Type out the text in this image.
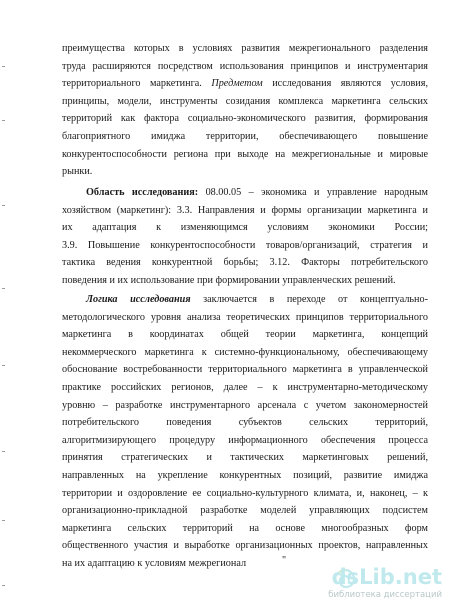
преимущества которых в условиях развития межрегионального разделения
труда расширяются посредством использования принципов и инструментария
территориального маркетинга. Предметом исследования являются условия,
принципы, модели, инструменты созидания комплекса маркетинга сельских
территорий как фактора социально-экономического развития, формирования
благоприятного имиджа территории, обеспечивающего повышение
конкурентоспособности региона при выходе на межрегиональные и мировые
рынки.
Область исследования: 08.00.05 – экономика и управление народным
хозяйством (маркетинг): 3.3. Направления и формы организации маркетинга и
их адаптация к изменяющимся условиям экономики России;
3.9. Повышение конкурентоспособности товаров/организаций, стратегия и
тактика ведения конкурентной борьбы; 3.12. Факторы потребительского
поведения и их использование при формировании управленческих решений.
Логика исследования заключается в переходе от концептуально-
методологического уровня анализа теоретических принципов территориального
маркетинга в координатах общей теории маркетинга, концепций
некоммерческого маркетинга к системно-функциональному, обеспечивающему
обоснование востребованности территориального маркетинга в управленческой
практике российских регионов, далее – к инструментарно-методическому
уровню – разработке инструментарного арсенала с учетом закономерностей
потребительского поведения субъектов сельских территорий,
алгоритмизирующего процедуру информационного обеспечения процесса
принятия стратегических и тактических маркетинговых решений,
направленных на укрепление конкурентных позиций, развитие имиджа
территории и оздоровление ее социально-культурного климата, и, наконец, – к
организационно-прикладной разработке моделей управляющих подсистем
маркетинга сельских территорий на основе многообразных форм
общественного участия и выработке организационных проектов, направленных
на их адаптацию к условиям межрегионал	"
dsLib.net
библиотека диссертаций
